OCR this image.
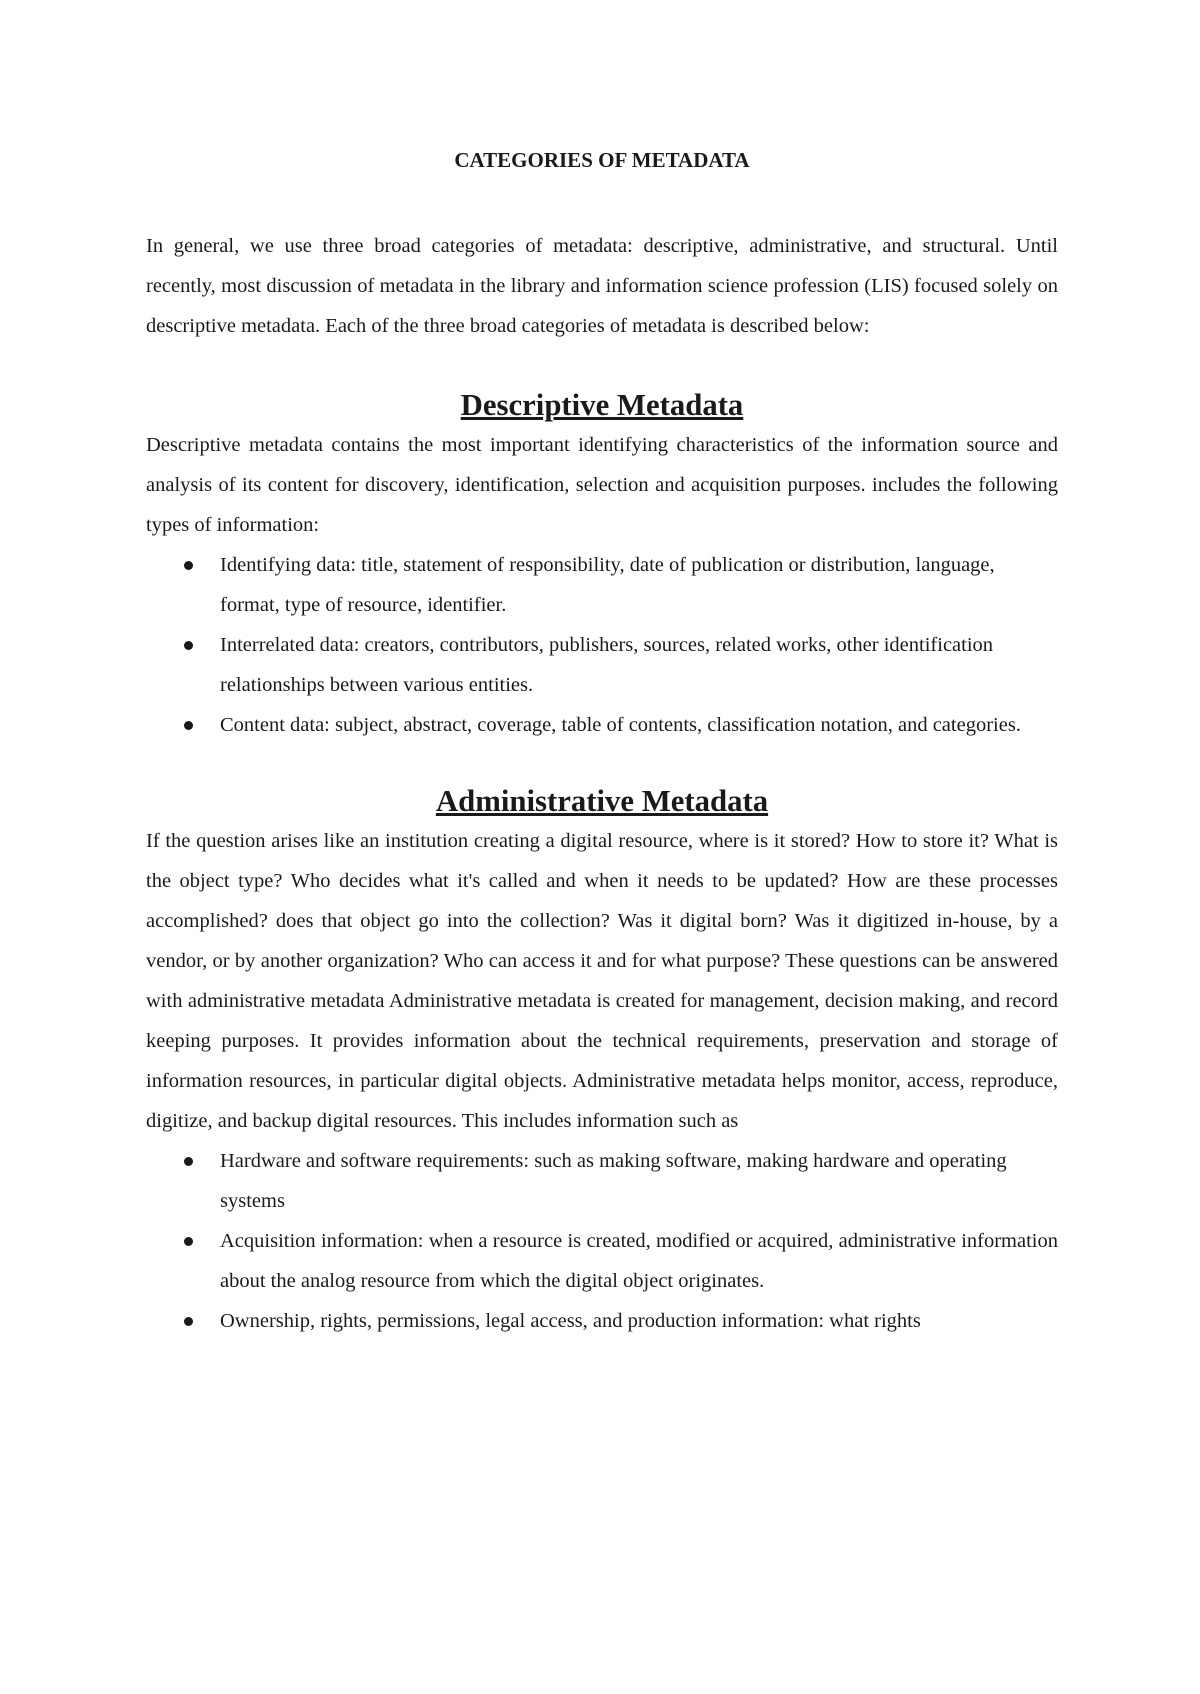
CATEGORIES OF METADATA

In general, we use three broad categories of metadata: descriptive, administrative, and structural. Until recently, most discussion of metadata in the library and information science profession (LIS) focused solely on descriptive metadata. Each of the three broad categories of metadata is described below:

Descriptive Metadata

Descriptive metadata contains the most important identifying characteristics of the information source and analysis of its content for discovery, identification, selection and acquisition purposes. includes the following types of information:

Identifying data: title, statement of responsibility, date of publication or distribution, language, format, type of resource, identifier.
Interrelated data: creators, contributors, publishers, sources, related works, other identification relationships between various entities.
Content data: subject, abstract, coverage, table of contents, classification notation, and categories.
Administrative Metadata

If the question arises like an institution creating a digital resource, where is it stored? How to store it? What is the object type? Who decides what it's called and when it needs to be updated? How are these processes accomplished? does that object go into the collection? Was it digital born? Was it digitized in-house, by a vendor, or by another organization? Who can access it and for what purpose? These questions can be answered with administrative metadata Administrative metadata is created for management, decision making, and record keeping purposes. It provides information about the technical requirements, preservation and storage of information resources, in particular digital objects. Administrative metadata helps monitor, access, reproduce, digitize, and backup digital resources. This includes information such as

Hardware and software requirements: such as making software, making hardware and operating systems
Acquisition information: when a resource is created, modified or acquired, administrative information about the analog resource from which the digital object originates.
Ownership, rights, permissions, legal access, and production information: what rights
